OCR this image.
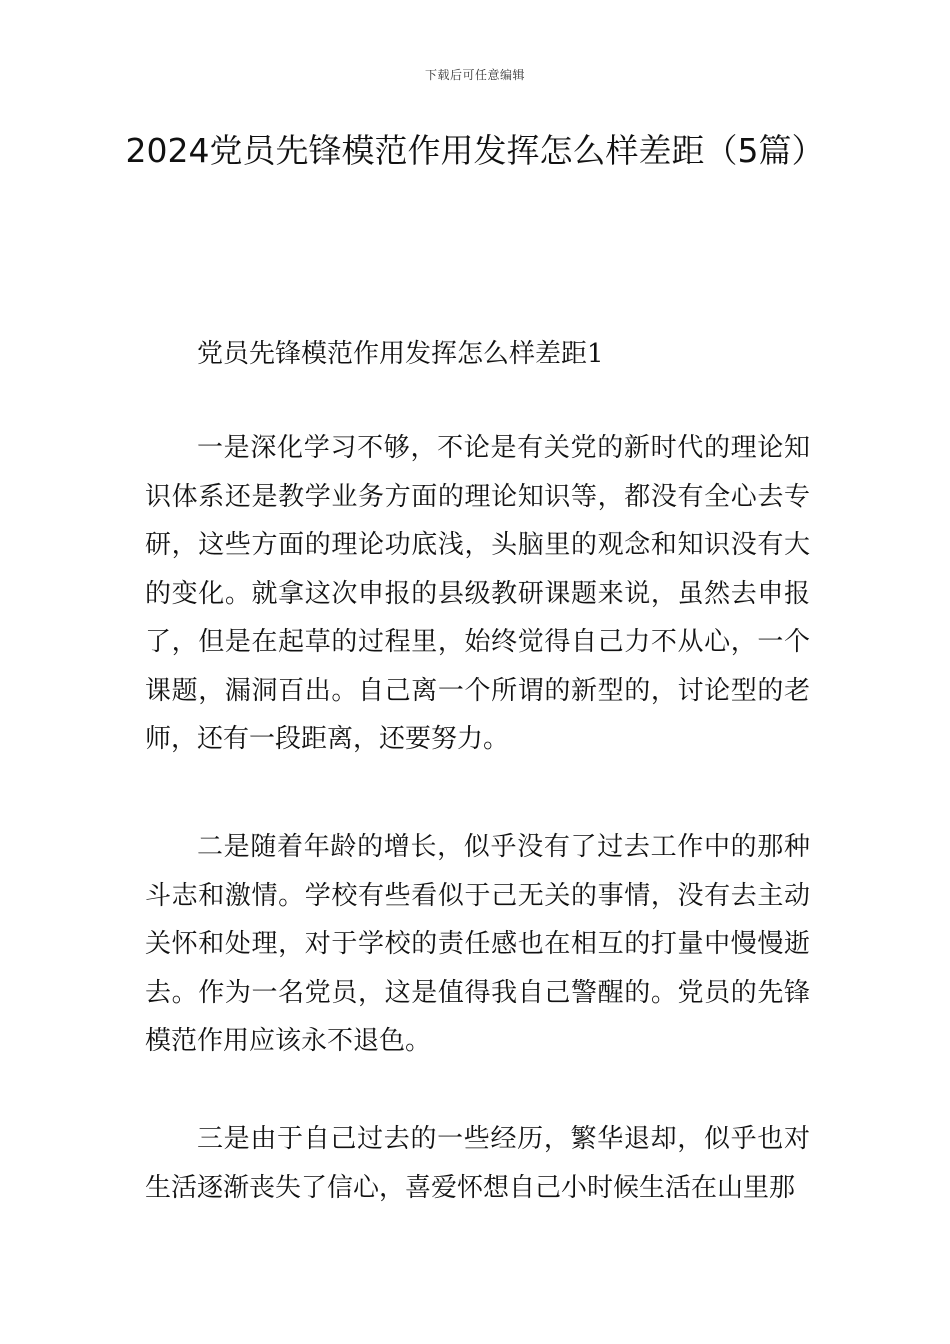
下载后可任意编辑
2024党员先锋模范作用发挥怎么样差距（5篇）

党员先锋模范作用发挥怎么样差距1

一是深化学习不够，不论是有关党的新时代的理论知识体系还是教学业务方面的理论知识等，都没有全心去专研，这些方面的理论功底浅，头脑里的观念和知识没有大的变化。就拿这次申报的县级教研课题来说，虽然去申报了，但是在起草的过程里，始终觉得自己力不从心，一个课题，漏洞百出。自己离一个所谓的新型的，讨论型的老师，还有一段距离，还要努力。

二是随着年龄的增长，似乎没有了过去工作中的那种斗志和激情。学校有些看似于己无关的事情，没有去主动关怀和处理，对于学校的责任感也在相互的打量中慢慢逝去。作为一名党员，这是值得我自己警醒的。党员的先锋模范作用应该永不退色。

三是由于自己过去的一些经历，繁华退却，似乎也对生活逐渐丧失了信心，喜爱怀想自己小时候生活在山里那
